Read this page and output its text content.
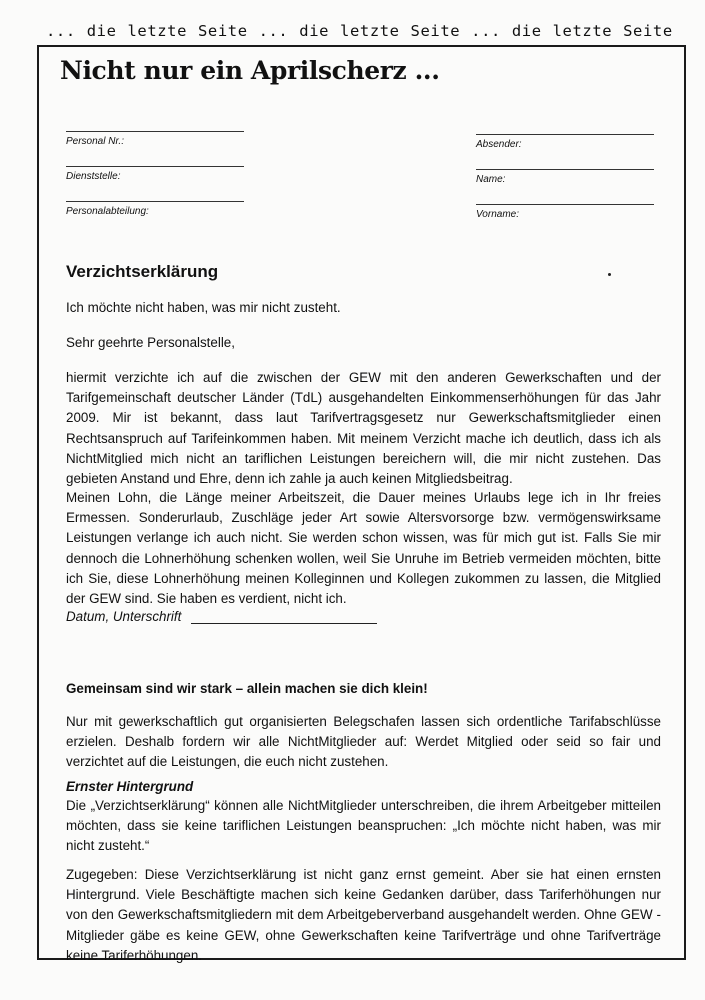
... die letzte Seite ... die letzte Seite ... die letzte Seite
Nicht nur ein Aprilscherz ...
Personal Nr.:
Dienststelle:
Personalabteilung:
Absender:
Name:
Vorname:
Verzichtserklärung
Ich möchte nicht haben, was mir nicht zusteht.
Sehr geehrte Personalstelle,
hiermit verzichte ich auf die zwischen der GEW mit den anderen Gewerkschaften und der Tarifgemeinschaft deutscher Länder (TdL) ausgehandelten Einkommenserhöhungen für das Jahr 2009. Mir ist bekannt, dass laut Tarifvertragsgesetz nur Gewerkschaftsmitglieder einen Rechtsanspruch auf Tarifeinkommen haben. Mit meinem Verzicht mache ich deutlich, dass ich als NichtMitglied mich nicht an tariflichen Leistungen bereichern will, die mir nicht zustehen. Das gebieten Anstand und Ehre, denn ich zahle ja auch keinen Mitgliedsbeitrag.
Meinen Lohn, die Länge meiner Arbeitszeit, die Dauer meines Urlaubs lege ich in Ihr freies Ermessen. Sonderurlaub, Zuschläge jeder Art sowie Altersvorsorge bzw. vermögenswirksame Leistungen verlange ich auch nicht. Sie werden schon wissen, was für mich gut ist. Falls Sie mir dennoch die Lohnerhöhung schenken wollen, weil Sie Unruhe im Betrieb vermeiden möchten, bitte ich Sie, diese Lohnerhöhung meinen Kolleginnen und Kollegen zukommen zu lassen, die Mitglied der GEW sind. Sie haben es verdient, nicht ich.
Datum, Unterschrift
Gemeinsam sind wir stark – allein machen sie dich klein!
Nur mit gewerkschaftlich gut organisierten Belegschafen lassen sich ordentliche Tarifabschlüsse erzielen. Deshalb fordern wir alle NichtMitglieder auf: Werdet Mitglied oder seid so fair und verzichtet auf die Leistungen, die euch nicht zustehen.
Ernster Hintergrund
Die „Verzichtserklärung“ können alle NichtMitglieder unterschreiben, die ihrem Arbeitgeber mitteilen möchten, dass sie keine tariflichen Leistungen beanspruchen: „Ich möchte nicht haben, was mir nicht zusteht.“
Zugegeben: Diese Verzichtserklärung ist nicht ganz ernst gemeint. Aber sie hat einen ernsten Hintergrund. Viele Beschäftigte machen sich keine Gedanken darüber, dass Tariferhöhungen nur von den Gewerkschaftsmitgliedern mit dem Arbeitgeberverband ausgehandelt werden. Ohne GEW -Mitglieder gäbe es keine GEW, ohne Gewerkschaften keine Tarifverträge und ohne Tarifverträge keine Tariferhöhungen.
